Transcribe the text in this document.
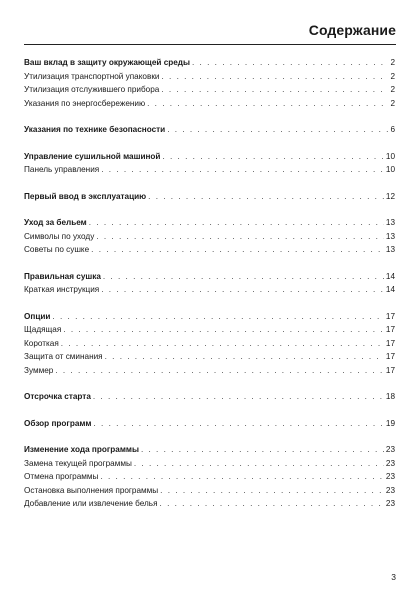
Содержание
Ваш вклад в защиту окружающей среды . . .	2
Утилизация транспортной упаковки . . .	2
Утилизация отслужившего прибора . . .	2
Указания по энергосбережению . . .	2
Указания по технике безопасности . . .	6
Управление сушильной машиной . . .	10
Панель управления . . .	10
Первый ввод в эксплуатацию . . .	12
Уход за бельем . . .	13
Символы по уходу . . .	13
Советы по сушке . . .	13
Правильная сушка . . .	14
Краткая инструкция . . .	14
Опции . . .	17
Щадящая . . .	17
Короткая . . .	17
Защита от сминания . . .	17
Зуммер . . .	17
Отсрочка старта . . .	18
Обзор программ . . .	19
Изменение хода программы . . .	23
Замена текущей программы . . .	23
Отмена программы . . .	23
Остановка выполнения программы . . .	23
Добавление или извлечение белья . . .	23
3
